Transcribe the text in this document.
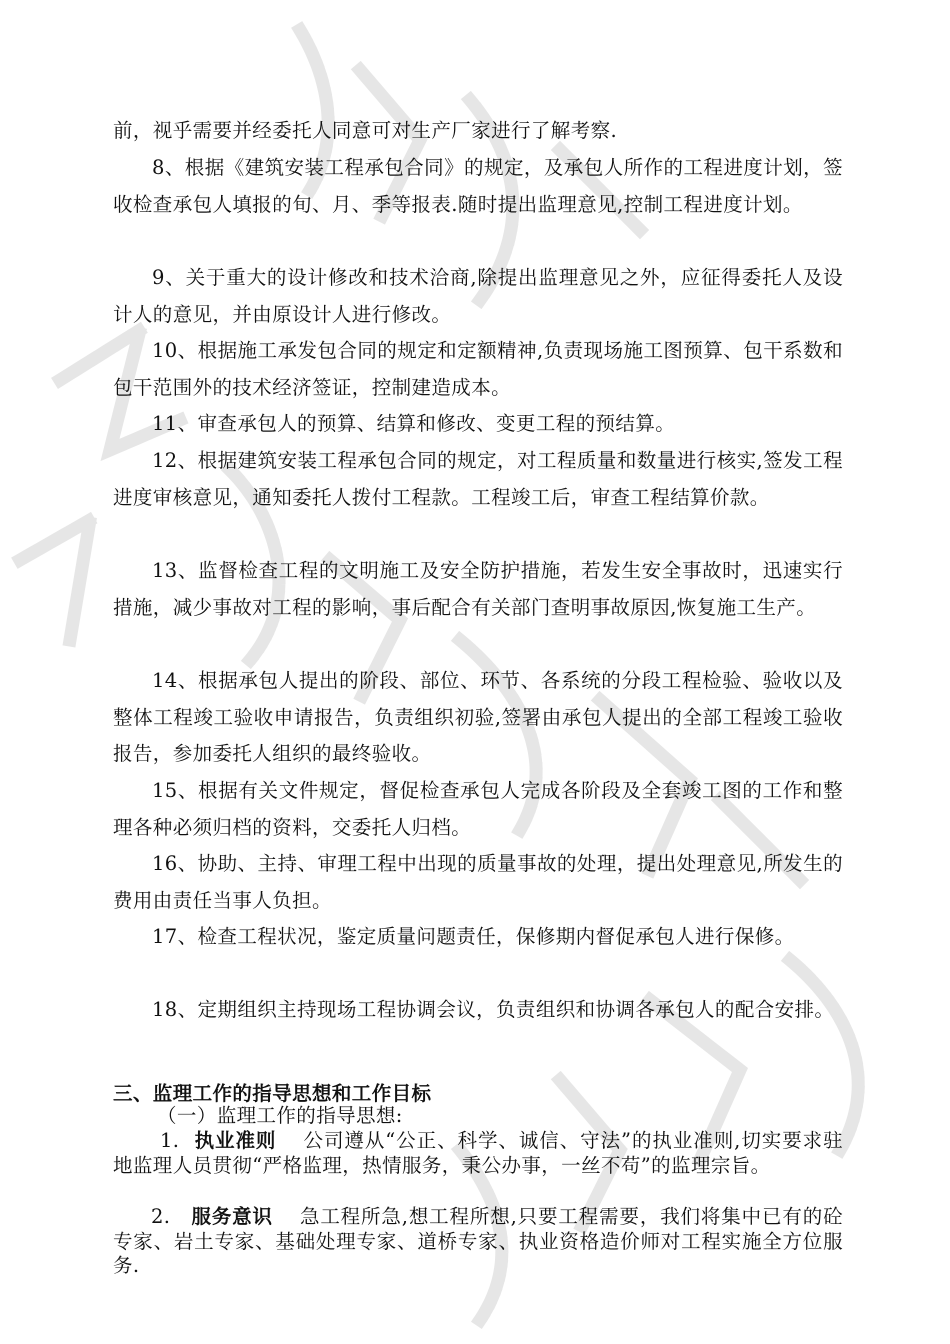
前，视乎需要并经委托人同意可对生产厂家进行了解考察.
8、根据《建筑安装工程承包合同》的规定，及承包人所作的工程进度计划，签收检查承包人填报的旬、月、季等报表.随时提出监理意见,控制工程进度计划。
9、关于重大的设计修改和技术洽商,除提出监理意见之外，应征得委托人及设计人的意见，并由原设计人进行修改。
10、根据施工承发包合同的规定和定额精神,负责现场施工图预算、包干系数和包干范围外的技术经济签证，控制建造成本。
11、审查承包人的预算、结算和修改、变更工程的预结算。
12、根据建筑安装工程承包合同的规定，对工程质量和数量进行核实,签发工程进度审核意见，通知委托人拨付工程款。工程竣工后，审查工程结算价款。
13、监督检查工程的文明施工及安全防护措施，若发生安全事故时，迅速实行措施，减少事故对工程的影响，事后配合有关部门查明事故原因,恢复施工生产。
14、根据承包人提出的阶段、部位、环节、各系统的分段工程检验、验收以及整体工程竣工验收申请报告，负责组织初验,签署由承包人提出的全部工程竣工验收报告，参加委托人组织的最终验收。
15、根据有关文件规定，督促检查承包人完成各阶段及全套竣工图的工作和整理各种必须归档的资料，交委托人归档。
16、协助、主持、审理工程中出现的质量事故的处理，提出处理意见,所发生的费用由责任当事人负担。
17、检查工程状况，鉴定质量问题责任，保修期内督促承包人进行保修。
18、定期组织主持现场工程协调会议，负责组织和协调各承包人的配合安排。
三、监理工作的指导思想和工作目标
（一）监理工作的指导思想:
1. 执业准则 公司遵从“公正、科学、诚信、守法”的执业准则,切实要求驻地监理人员贯彻“严格监理，热情服务，秉公办事，一丝不苟”的监理宗旨。
2. 服务意识 急工程所急,想工程所想,只要工程需要，我们将集中已有的砼专家、岩土专家、基础处理专家、道桥专家、执业资格造价师对工程实施全方位服务.
